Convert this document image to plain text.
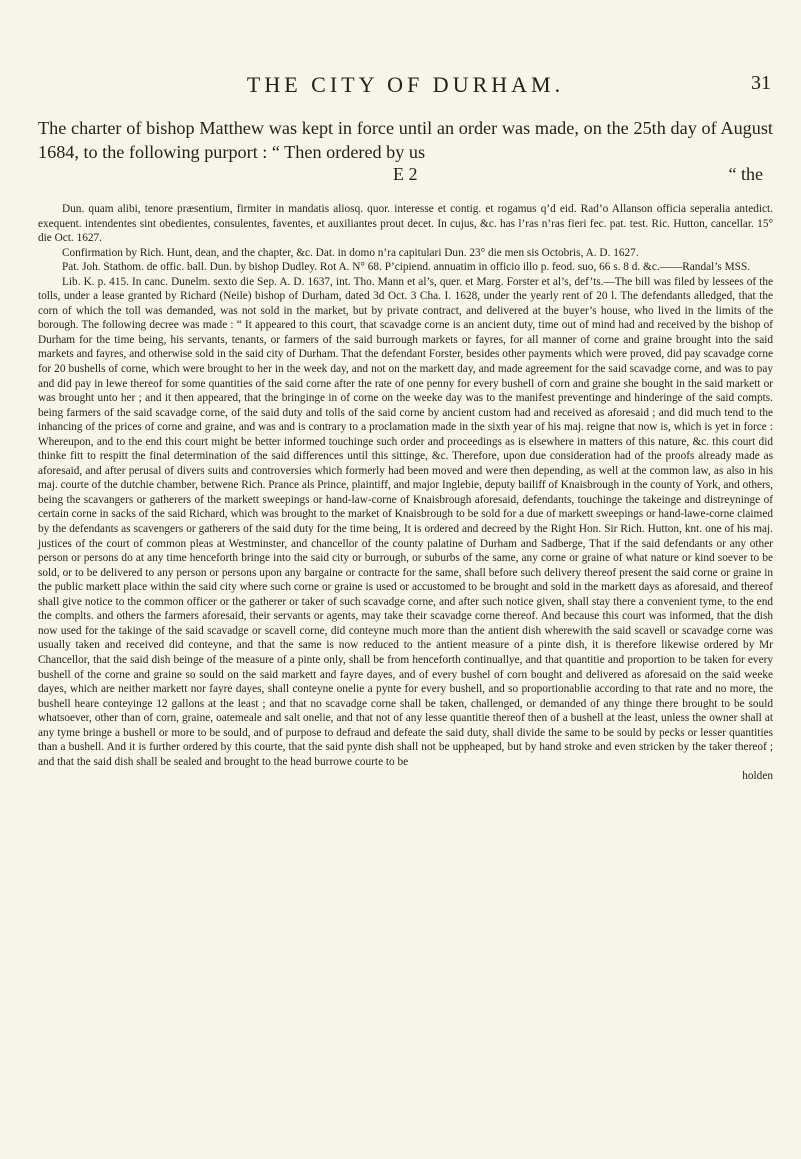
THE CITY OF DURHAM.	31
The charter of bishop Matthew was kept in force until an order was made, on the 25th day of August 1684, to the following purport : “ Then ordered by us
E 2	“ the

Dun. quam alibi, tenore præsentium, firmiter in mandatis aliosq. quor. interesse et contig. et rogamus q’d eid. Rad’o Allanson officia seperalia antedict. exequent. intendentes sint obedientes, consulentes, faventes, et auxiliantes prout decet. In cujus, &c. has l’ras n’ras fieri fec. pat. test. Ric. Hutton, cancellar. 15° die Oct. 1627.

Confirmation by Rich. Hunt, dean, and the chapter, &c. Dat. in domo n’ra capitulari Dun. 23° die men sis Octobris, A. D. 1627.

Pat. Joh. Stathom. de offic. ball. Dun. by bishop Dudley. Rot A. N° 68. P’cipiend. annuatim in officio illo p. feod. suo, 66 s. 8 d. &c.——Randal’s MSS.

Lib. K. p. 415. In canc. Dunelm. sexto die Sep. A. D. 1637, int. Tho. Mann et al’s, quer. et Marg. Forster et al’s, def’ts.—The bill was filed by lessees of the tolls, under a lease granted by Richard (Neile) bishop of Durham, dated 3d Oct. 3 Cha. I. 1628, under the yearly rent of 20 l. The defendants alledged, that the corn of which the toll was demanded, was not sold in the market, but by private contract, and delivered at the buyer’s house, who lived in the limits of the borough. The following decree was made : “ It appeared to this court, that scavadge corne is an ancient duty, time out of mind had and received by the bishop of Durham for the time being, his servants, tenants, or farmers of the said burrough markets or fayres, for all manner of corne and graine brought into the said markets and fayres, and otherwise sold in the said city of Durham. That the defendant Forster, besides other payments which were proved, did pay scavadge corne for 20 bushells of corne, which were brought to her in the week day, and not on the markett day, and made agreement for the said scavadge corne, and was to pay and did pay in lewe thereof for some quantities of the said corne after the rate of one penny for every bushell of corn and graine she bought in the said markett or was brought unto her ; and it then appeared, that the bringinge in of corne on the weeke day was to the manifest preventinge and hinderinge of the said compts. being farmers of the said scavadge corne, of the said duty and tolls of the said corne by ancient custom had and received as aforesaid ; and did much tend to the inhancing of the prices of corne and graine, and was and is contrary to a proclamation made in the sixth year of his maj. reigne that now is, which is yet in force : Whereupon, and to the end this court might be better informed touchinge such order and proceedings as is elsewhere in matters of this nature, &c. this court did thinke fitt to respitt the final determination of the said differences until this sittinge, &c. Therefore, upon due consideration had of the proofs already made as aforesaid, and after perusal of divers suits and controversies which formerly had been moved and were then depending, as well at the common law, as also in his maj. courte of the dutchie chamber, betwene Rich. Prance als Prince, plaintiff, and major Inglebie, deputy bailiff of Knaisbrough in the county of York, and others, being the scavangers or gatherers of the markett sweepings or hand-law-corne of Knaisbrough aforesaid, defendants, touchinge the takeinge and distreyninge of certain corne in sacks of the said Richard, which was brought to the market of Knaisbrough to be sold for a due of markett sweepings or hand-lawe-corne claimed by the defendants as scavengers or gatherers of the said duty for the time being, It is ordered and decreed by the Right Hon. Sir Rich. Hutton, knt. one of his maj. justices of the court of common pleas at Westminster, and chancellor of the county palatine of Durham and Sadberge, That if the said defendants or any other person or persons do at any time henceforth bringe into the said city or burrough, or suburbs of the same, any corne or graine of what nature or kind soever to be sold, or to be delivered to any person or persons upon any bargaine or contracte for the same, shall before such delivery thereof present the said corne or graine in the public markett place within the said city where such corne or graine is used or accustomed to be brought and sold in the markett days as aforesaid, and thereof shall give notice to the common officer or the gatherer or taker of such scavadge corne, and after such notice given, shall stay there a convenient tyme, to the end the complts. and others the farmers aforesaid, their servants or agents, may take their scavadge corne thereof. And because this court was informed, that the dish now used for the takinge of the said scavadge or scavell corne, did conteyne much more than the antient dish wherewith the said scavell or scavadge corne was usually taken and received did conteyne, and that the same is now reduced to the antient measure of a pinte dish, it is therefore likewise ordered by Mr Chancellor, that the said dish beinge of the measure of a pinte only, shall be from henceforth continuallye, and that quantitie and proportion to be taken for every bushell of the corne and graine so sould on the said markett and fayre dayes, and of every bushel of corn bought and delivered as aforesaid on the said weeke dayes, which are neither markett nor fayre dayes, shall conteyne onelie a pynte for every bushell, and so proportionablie according to that rate and no more, the bushell heare conteyinge 12 gallons at the least ; and that no scavadge corne shall be taken, challenged, or demanded of any thinge there brought to be sould whatsoever, other than of corn, graine, oatemeale and salt onelie, and that not of any lesse quantitie thereof then of a bushell at the least, unless the owner shall at any tyme bringe a bushell or more to be sould, and of purpose to defraud and defeate the said duty, shall divide the same to be sould by pecks or lesser quantities than a bushell. And it is further ordered by this courte, that the said pynte dish shall not be uppheaped, but by hand stroke and even stricken by the taker thereof ; and that the said dish shall be sealed and brought to the head burrowe courte to be

holden
